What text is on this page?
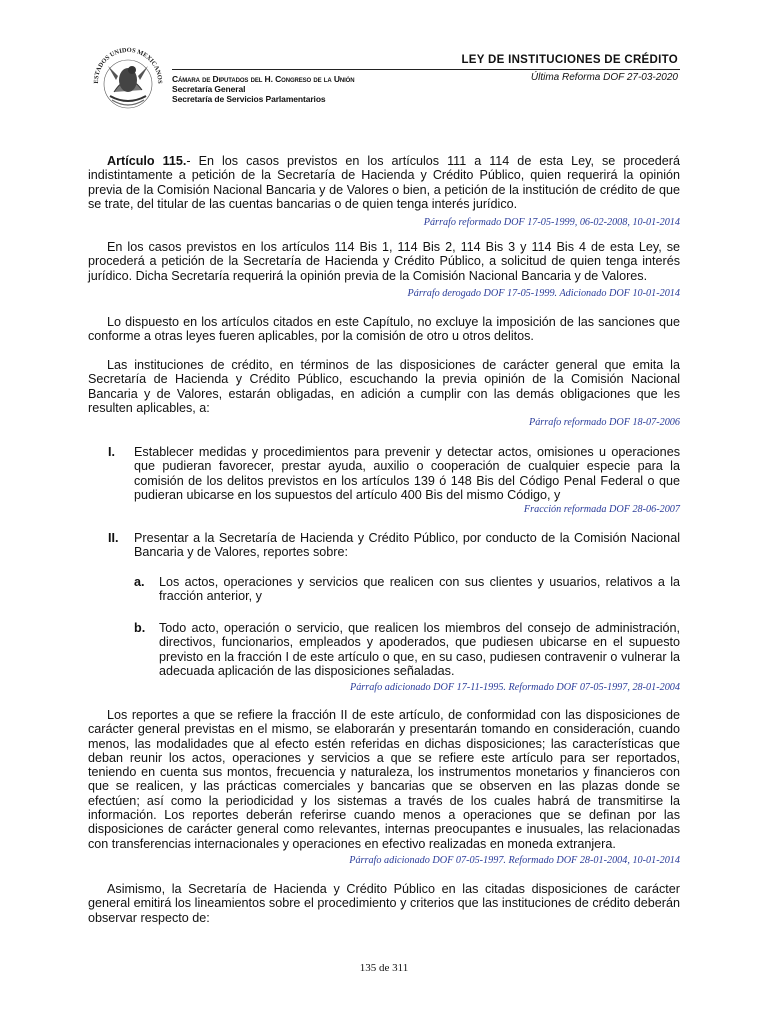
ESTADOS UNIDOS MEXICANOS Cámara de Diputados del H. Congreso de la Unión
Secretaría General
Secretaría de Servicios Parlamentarios
LEY DE INSTITUCIONES DE CRÉDITO
Última Reforma DOF 27-03-2020
Artículo 115.- En los casos previstos en los artículos 111 a 114 de esta Ley, se procederá indistintamente a petición de la Secretaría de Hacienda y Crédito Público, quien requerirá la opinión previa de la Comisión Nacional Bancaria y de Valores o bien, a petición de la institución de crédito de que se trate, del titular de las cuentas bancarias o de quien tenga interés jurídico.
Párrafo reformado DOF 17-05-1999, 06-02-2008, 10-01-2014
En los casos previstos en los artículos 114 Bis 1, 114 Bis 2, 114 Bis 3 y 114 Bis 4 de esta Ley, se procederá a petición de la Secretaría de Hacienda y Crédito Público, a solicitud de quien tenga interés jurídico. Dicha Secretaría requerirá la opinión previa de la Comisión Nacional Bancaria y de Valores.
Párrafo derogado DOF 17-05-1999. Adicionado DOF 10-01-2014
Lo dispuesto en los artículos citados en este Capítulo, no excluye la imposición de las sanciones que conforme a otras leyes fueren aplicables, por la comisión de otro u otros delitos.
Las instituciones de crédito, en términos de las disposiciones de carácter general que emita la Secretaría de Hacienda y Crédito Público, escuchando la previa opinión de la Comisión Nacional Bancaria y de Valores, estarán obligadas, en adición a cumplir con las demás obligaciones que les resulten aplicables, a:
Párrafo reformado DOF 18-07-2006
I. Establecer medidas y procedimientos para prevenir y detectar actos, omisiones u operaciones que pudieran favorecer, prestar ayuda, auxilio o cooperación de cualquier especie para la comisión de los delitos previstos en los artículos 139 ó 148 Bis del Código Penal Federal o que pudieran ubicarse en los supuestos del artículo 400 Bis del mismo Código, y
Fracción reformada DOF 28-06-2007
II. Presentar a la Secretaría de Hacienda y Crédito Público, por conducto de la Comisión Nacional Bancaria y de Valores, reportes sobre:
a. Los actos, operaciones y servicios que realicen con sus clientes y usuarios, relativos a la fracción anterior, y
b. Todo acto, operación o servicio, que realicen los miembros del consejo de administración, directivos, funcionarios, empleados y apoderados, que pudiesen ubicarse en el supuesto previsto en la fracción I de este artículo o que, en su caso, pudiesen contravenir o vulnerar la adecuada aplicación de las disposiciones señaladas.
Párrafo adicionado DOF 17-11-1995. Reformado DOF 07-05-1997, 28-01-2004
Los reportes a que se refiere la fracción II de este artículo, de conformidad con las disposiciones de carácter general previstas en el mismo, se elaborarán y presentarán tomando en consideración, cuando menos, las modalidades que al efecto estén referidas en dichas disposiciones; las características que deban reunir los actos, operaciones y servicios a que se refiere este artículo para ser reportados, teniendo en cuenta sus montos, frecuencia y naturaleza, los instrumentos monetarios y financieros con que se realicen, y las prácticas comerciales y bancarias que se observen en las plazas donde se efectúen; así como la periodicidad y los sistemas a través de los cuales habrá de transmitirse la información. Los reportes deberán referirse cuando menos a operaciones que se definan por las disposiciones de carácter general como relevantes, internas preocupantes e inusuales, las relacionadas con transferencias internacionales y operaciones en efectivo realizadas en moneda extranjera.
Párrafo adicionado DOF 07-05-1997. Reformado DOF 28-01-2004, 10-01-2014
Asimismo, la Secretaría de Hacienda y Crédito Público en las citadas disposiciones de carácter general emitirá los lineamientos sobre el procedimiento y criterios que las instituciones de crédito deberán observar respecto de:
135 de 311
